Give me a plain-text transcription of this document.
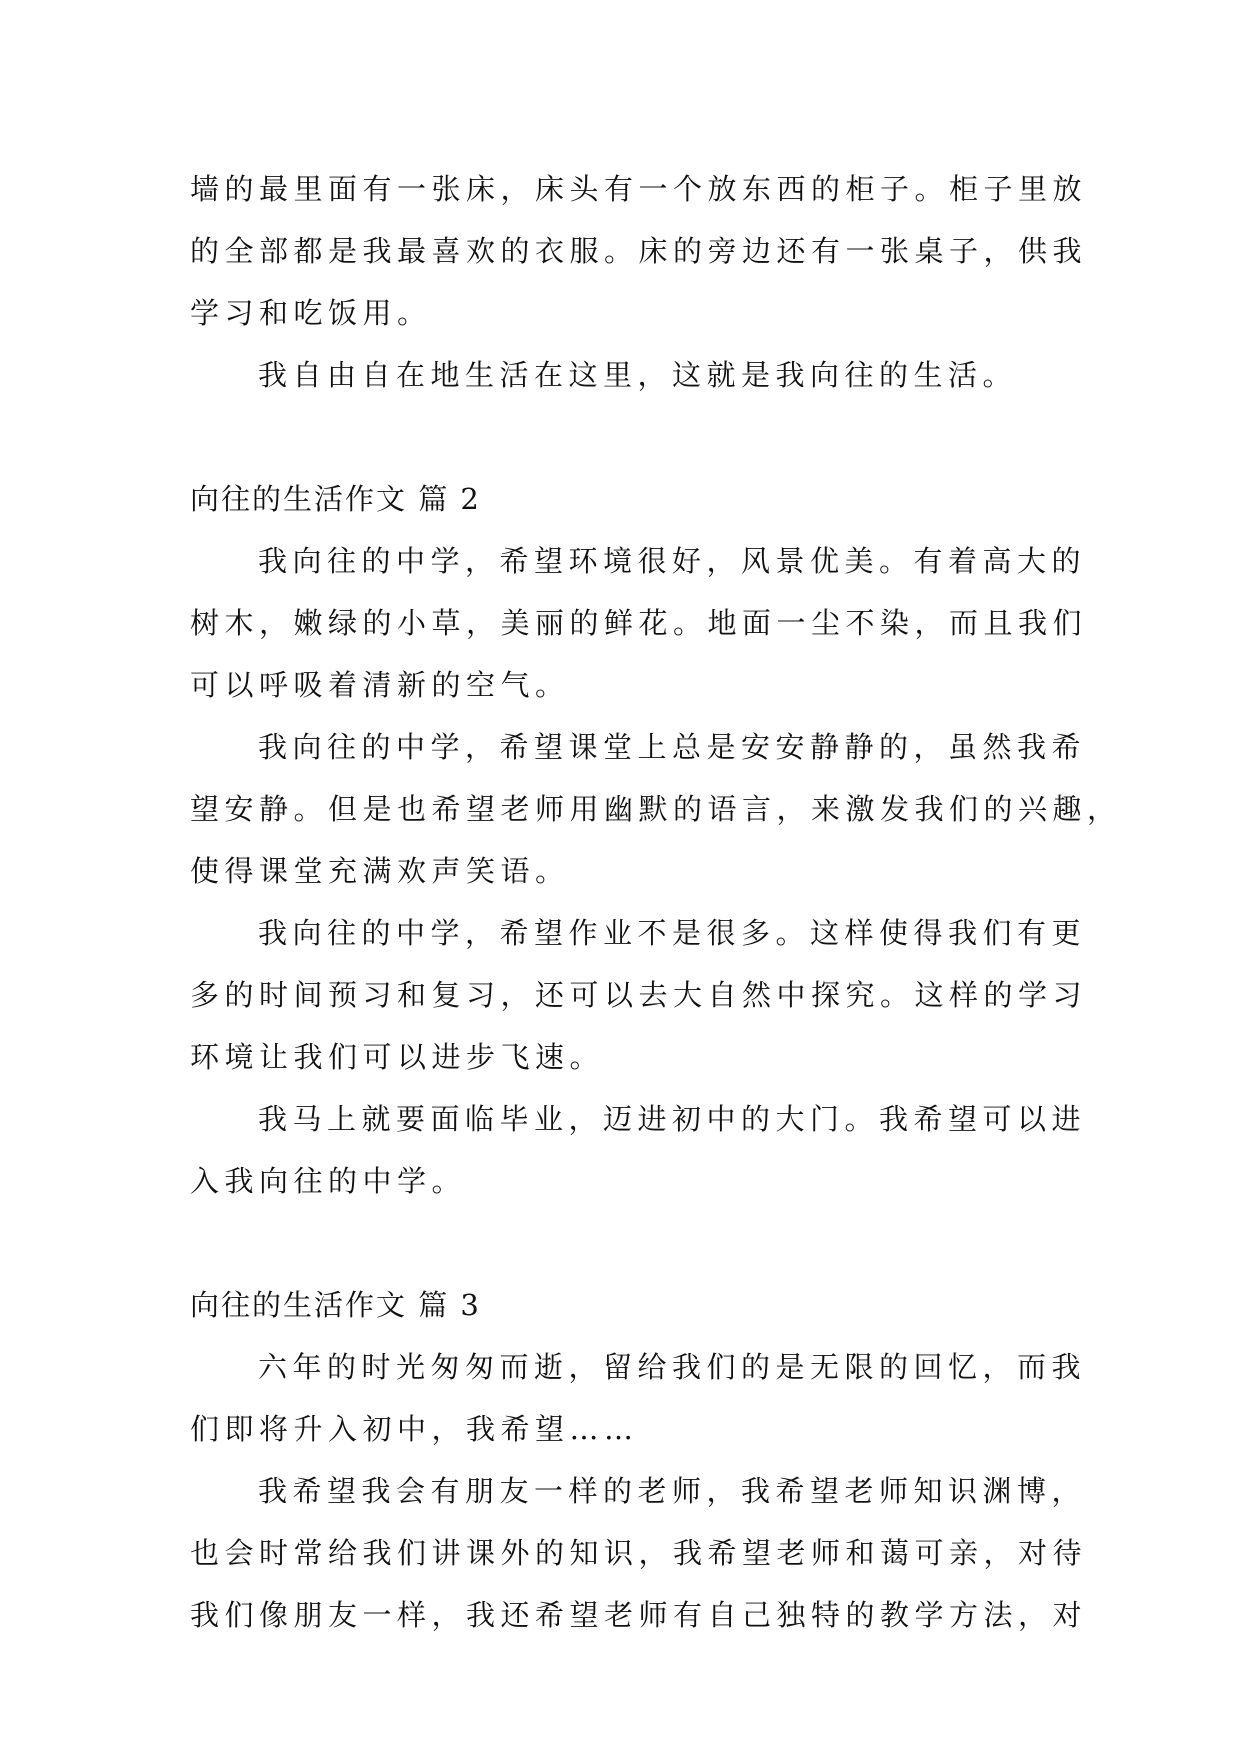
墙的最里面有一张床，床头有一个放东西的柜子。柜子里放

的全部都是我最喜欢的衣服。床的旁边还有一张桌子，供我

学习和吃饭用。

我自由自在地生活在这里，这就是我向往的生活。

向往的生活作文 篇 2

我向往的中学，希望环境很好，风景优美。有着高大的

树木，嫩绿的小草，美丽的鲜花。地面一尘不染，而且我们

可以呼吸着清新的空气。

我向往的中学，希望课堂上总是安安静静的，虽然我希

望安静。但是也希望老师用幽默的语言，来激发我们的兴趣，

使得课堂充满欢声笑语。

我向往的中学，希望作业不是很多。这样使得我们有更

多的时间预习和复习，还可以去大自然中探究。这样的学习

环境让我们可以进步飞速。

我马上就要面临毕业，迈进初中的大门。我希望可以进

入我向往的中学。

向往的生活作文 篇 3

六年的时光匆匆而逝，留给我们的是无限的回忆，而我

们即将升入初中，我希望……

我希望我会有朋友一样的老师，我希望老师知识渊博，

也会时常给我们讲课外的知识，我希望老师和蔼可亲，对待

我们像朋友一样，我还希望老师有自己独特的教学方法，对
